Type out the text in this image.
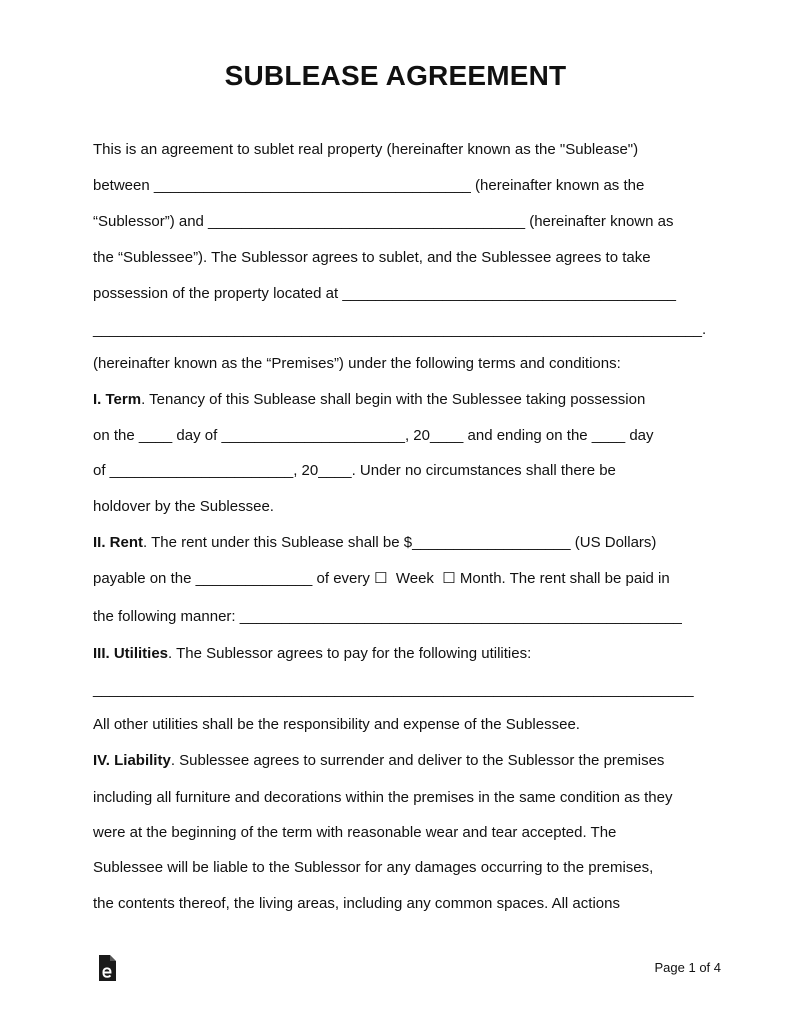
SUBLEASE AGREEMENT
This is an agreement to sublet real property (hereinafter known as the "Sublease")
between ______________________________________ (hereinafter known as the
“Sublessor”) and ______________________________________ (hereinafter known as
the “Sublessee”). The Sublessor agrees to sublet, and the Sublessee agrees to take
possession of the property located at ________________________________________
_________________________________________________________________________.
(hereinafter known as the “Premises”) under the following terms and conditions:
I. Term. Tenancy of this Sublease shall begin with the Sublessee taking possession
on the ____ day of ______________________, 20____ and ending on the ____ day
of ______________________, 20____. Under no circumstances shall there be
holdover by the Sublessee.
II. Rent. The rent under this Sublease shall be $___________________ (US Dollars)
payable on the ______________ of every ☐  Week  ☐ Month. The rent shall be paid in
the following manner: _____________________________________________________
III. Utilities. The Sublessor agrees to pay for the following utilities:
________________________________________________________________________
All other utilities shall be the responsibility and expense of the Sublessee.
IV. Liability. Sublessee agrees to surrender and deliver to the Sublessor the premises
including all furniture and decorations within the premises in the same condition as they
were at the beginning of the term with reasonable wear and tear accepted. The
Sublessee will be liable to the Sublessor for any damages occurring to the premises,
the contents thereof, the living areas, including any common spaces. All actions
Page 1 of 4
